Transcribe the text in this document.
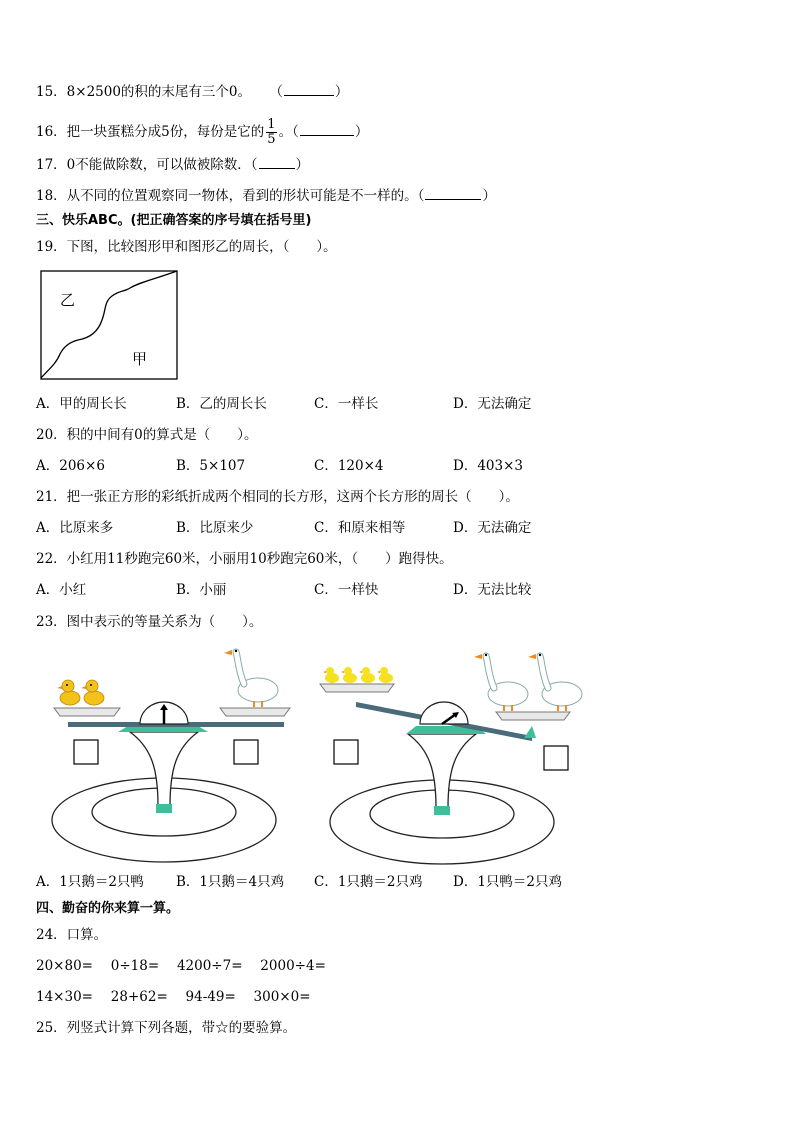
15．8×2500的积的末尾有三个0。 （	）
16．把一块蛋糕分成5份，每份是它的 $\frac{1}{5}$ 。（	）
17．0不能做除数，可以做被除数．（	）
18．从不同的位置观察同一物体，看到的形状可能是不一样的。（	）
三、快乐ABC。(把正确答案的序号填在括号里)
19．下图，比较图形甲和图形乙的周长，（　　）。
乙
甲
A．甲的周长长	B．乙的周长长	C．一样长	D．无法确定
20．积的中间有0的算式是（　　）。
A．206×6	B．5×107	C．120×4	D．403×3
21．把一张正方形的彩纸折成两个相同的长方形，这两个长方形的周长（　　）。
A．比原来多	B．比原来少	C．和原来相等	D．无法确定
22．小红用11秒跑完60米，小丽用10秒跑完60米，（　　）跑得快。
A．小红	B．小丽	C．一样快	D．无法比较
23．图中表示的等量关系为（　　）。
A．1只鹅＝2只鸭 B．1只鹅＝4只鸡 C．1只鹅＝2只鸡 D．1只鸭＝2只鸡
四、勤奋的你来算一算。
24．口算。
20×80=　 0÷18=　 4200÷7=　 2000÷4=
14×30=　 28+62=　 94-49=　 300×0=
25．列竖式计算下列各题，带☆的要验算。
